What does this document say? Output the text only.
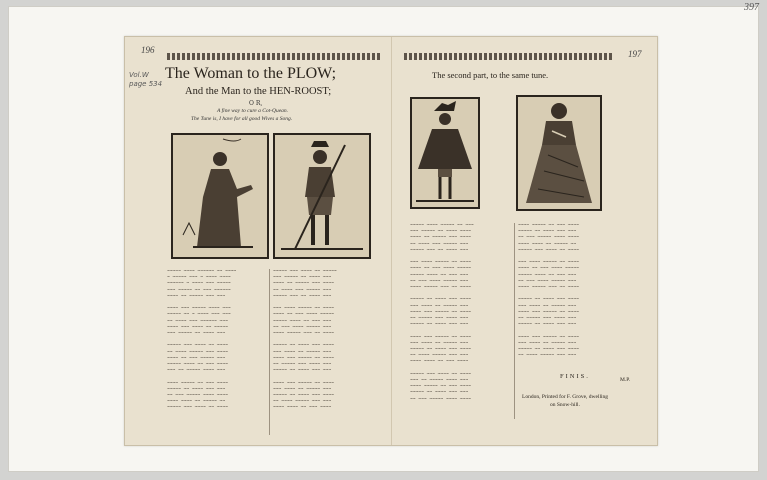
397
196
Vol.W
page 534
The Woman to the PLOW;
And the Man to the HEN-ROOST;
O R,
A fine way to cure a Cot-Quean.
The Tune is, I have for all good Wives a Song.
~~~~~ ~~~~ ~~~~~~ ~~ ~~~~
~ ~~~~~ ~~~ ~ ~~~~ ~~~~
~~~~~~ ~ ~~~~ ~~~ ~~~~~
~~~ ~~~~~ ~~ ~~~ ~~~~~~
~~~~ ~~ ~~~~~ ~~~ ~~~

~~~~ ~~~ ~~~~~ ~~~~ ~~~
~~~~~ ~~ ~ ~~~~ ~~~ ~~~
~~ ~~~~ ~~~ ~~~~~~ ~~~
~~~~ ~~~ ~~~~ ~~ ~~~~~
~~~ ~~~~~ ~~ ~~~~ ~~~

~~~~~ ~~~ ~~~~ ~~ ~~~~
~~ ~~~~ ~~~~~ ~~~ ~~~~
~~~~ ~~ ~~~ ~~~~~ ~~~
~~~~~ ~~~~ ~~ ~~~ ~~~~
~~~ ~~ ~~~~~ ~~~~ ~~~

~~~~ ~~~~~ ~~ ~~~ ~~~~
~~~~~ ~~ ~~~~ ~~~ ~~~
~~ ~~~ ~~~~~ ~~~~ ~~~~
~~~~ ~~~~ ~~ ~~~~~ ~~
~~~~~ ~~~ ~~~~ ~~ ~~~~
~~~~~ ~~~ ~~~~ ~~ ~~~~~
~~~ ~~~~~ ~~ ~~~~ ~~~
~~~~ ~~ ~~~~~ ~~~ ~~~~
~~ ~~~~ ~~~ ~~~~~ ~~~
~~~~~ ~~~ ~~ ~~~~ ~~~

~~~ ~~~~ ~~~~~ ~~ ~~~~
~~~~ ~~ ~~~ ~~~~ ~~~~~
~~~~~ ~~~~ ~~ ~~~ ~~~
~~ ~~~ ~~~~ ~~~~~ ~~~
~~~~ ~~~~~ ~~~ ~~ ~~~~

~~~~~ ~~ ~~~~ ~~~ ~~~~
~~~ ~~~~ ~~ ~~~~~ ~~~
~~~~ ~~~ ~~~~~ ~~ ~~~~
~~ ~~~~~ ~~~ ~~~~ ~~~
~~~~~ ~~ ~~~~ ~~~ ~~~

~~~~ ~~~ ~~~~~ ~~ ~~~~
~~~ ~~~~ ~~ ~~~~~ ~~~
~~~~~ ~~ ~~~~ ~~~ ~~~~
~~ ~~~~ ~~~~~ ~~~ ~~~
~~~~ ~~~~ ~~ ~~~ ~~~~
197
The second part, to the same tune.
~~~~~ ~~~~ ~~~~~ ~~ ~~~
~~~ ~~~~~ ~~ ~~~~ ~~~~
~~~~ ~~ ~~~~~ ~~~ ~~~~
~~ ~~~~ ~~~ ~~~~~ ~~~
~~~~~ ~~~ ~~ ~~~~ ~~~

~~~ ~~~~ ~~~~~ ~~ ~~~~
~~~~ ~~ ~~~ ~~~~ ~~~~~
~~~~~ ~~~~ ~~ ~~~ ~~~
~~ ~~~ ~~~~ ~~~~~ ~~~
~~~~ ~~~~~ ~~~ ~~ ~~~~

~~~~~ ~~ ~~~~ ~~~ ~~~~
~~~ ~~~~ ~~ ~~~~~ ~~~
~~~~ ~~~ ~~~~~ ~~ ~~~~
~~ ~~~~~ ~~~ ~~~~ ~~~
~~~~~ ~~ ~~~~ ~~~ ~~~

~~~~ ~~~ ~~~~~ ~~ ~~~~
~~~ ~~~~ ~~ ~~~~~ ~~~
~~~~~ ~~ ~~~~ ~~~ ~~~~
~~ ~~~~ ~~~~~ ~~~ ~~~
~~~~ ~~~~ ~~ ~~~ ~~~~

~~~~~ ~~~ ~~~~ ~~ ~~~~
~~~ ~~ ~~~~~ ~~~~ ~~~
~~~~ ~~~~~ ~~ ~~~ ~~~~
~~~~~ ~~ ~~~~ ~~~ ~~~
~~ ~~~ ~~~~~ ~~~~ ~~~~
~~~~ ~~~~~ ~~ ~~~ ~~~~
~~~~~ ~~ ~~~~ ~~~ ~~~
~~ ~~~ ~~~~~ ~~~~ ~~~~
~~~~ ~~~~ ~~ ~~~~~ ~~
~~~~~ ~~~ ~~~~ ~~ ~~~~

~~~ ~~~~ ~~~~~ ~~ ~~~~
~~~~ ~~ ~~~ ~~~~ ~~~~~
~~~~~ ~~~~ ~~ ~~~ ~~~
~~ ~~~ ~~~~ ~~~~~ ~~~
~~~~ ~~~~~ ~~~ ~~ ~~~~

~~~~~ ~~ ~~~~ ~~~ ~~~~
~~~ ~~~~ ~~ ~~~~~ ~~~
~~~~ ~~~ ~~~~~ ~~ ~~~~
~~ ~~~~~ ~~~ ~~~~ ~~~
~~~~~ ~~ ~~~~ ~~~ ~~~

~~~~ ~~~ ~~~~~ ~~ ~~~~
~~~ ~~~~ ~~ ~~~~~ ~~~
~~~~~ ~~ ~~~~ ~~~ ~~~~
~~ ~~~~ ~~~~~ ~~~ ~~~
FINIS.	M.P.
London, Printed for F. Grove, dwelling
on Snow-hill.
